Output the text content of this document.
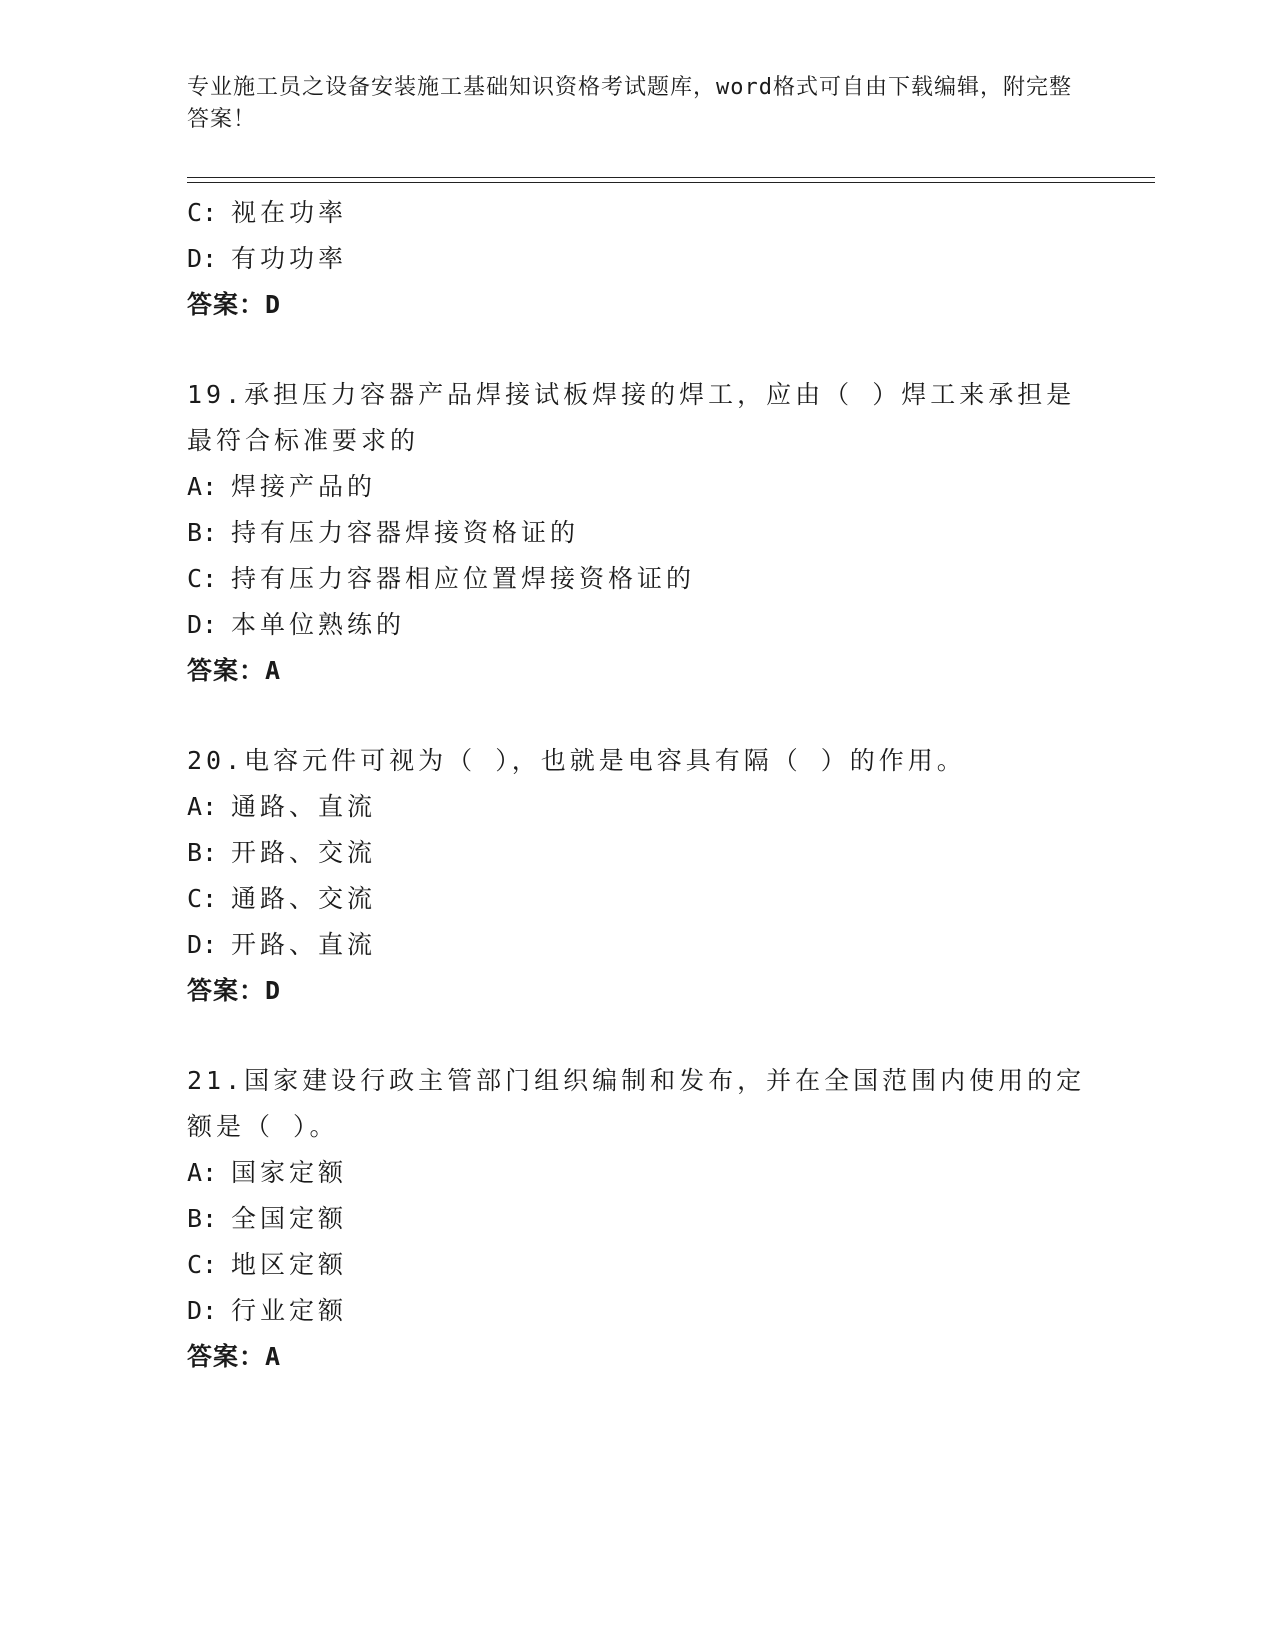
专业施工员之设备安装施工基础知识资格考试题库，word格式可自由下载编辑，附完整答案！
C: 视在功率
D: 有功功率
答案：D
19.承担压力容器产品焊接试板焊接的焊工，应由（ ）焊工来承担是最符合标准要求的
A: 焊接产品的
B: 持有压力容器焊接资格证的
C: 持有压力容器相应位置焊接资格证的
D: 本单位熟练的
答案：A
20.电容元件可视为（ ），也就是电容具有隔（ ）的作用。
A: 通路、直流
B: 开路、交流
C: 通路、交流
D: 开路、直流
答案：D
21.国家建设行政主管部门组织编制和发布，并在全国范围内使用的定额是（ ）。
A: 国家定额
B: 全国定额
C: 地区定额
D: 行业定额
答案：A
